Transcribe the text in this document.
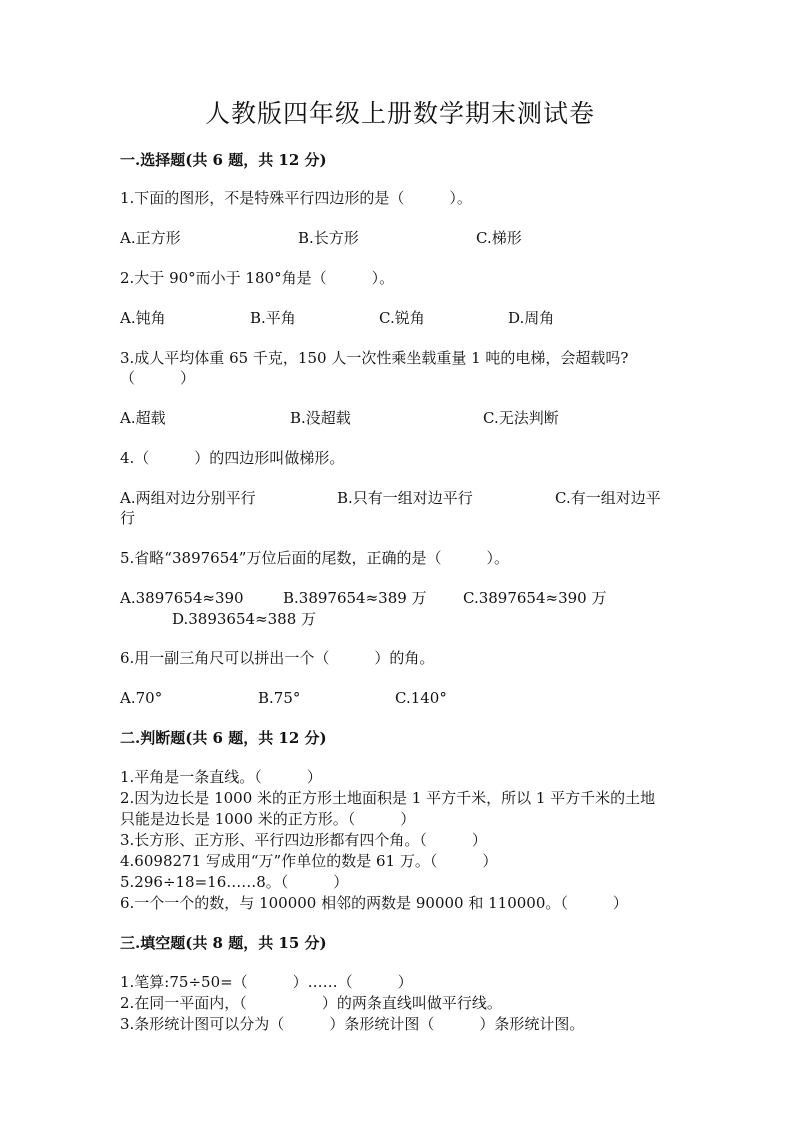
人教版四年级上册数学期末测试卷
一.选择题(共 6 题，共 12 分)
1.下面的图形，不是特殊平行四边形的是（　　　）。
A.正方形	B.长方形	C.梯形
2.大于 90°而小于 180°角是（　　　）。
A.钝角	B.平角	C.锐角	D.周角
3.成人平均体重 65 千克，150 人一次性乘坐载重量 1 吨的电梯，会超载吗?
（　　　）
A.超载	B.没超载	C.无法判断
4.（　　　）的四边形叫做梯形。
A.两组对边分别平行	B.只有一组对边平行	C.有一组对边平
行
5.省略“3897654”万位后面的尾数，正确的是（　　　）。
A.3897654≈390	B.3897654≈389 万 C.3897654≈390 万
D.3893654≈388 万
6.用一副三角尺可以拼出一个（　　　）的角。
A.70°	B.75°	C.140°
二.判断题(共 6 题，共 12 分)
1.平角是一条直线。（　　　）
2.因为边长是 1000 米的正方形土地面积是 1 平方千米，所以 1 平方千米的土地
只能是边长是 1000 米的正方形。（　　　）
3.长方形、正方形、平行四边形都有四个角。（　　　）
4.6098271 写成用“万”作单位的数是 61 万。（　　　）
5.296÷18=16……8。（　　　）
6.一个一个的数，与 100000 相邻的两数是 90000 和 110000。（　　　）
三.填空题(共 8 题，共 15 分)
1.笔算:75÷50=（　　　）……（　　　）
2.在同一平面内，（　　　　　）的两条直线叫做平行线。
3.条形统计图可以分为（　　　）条形统计图（　　　）条形统计图。
